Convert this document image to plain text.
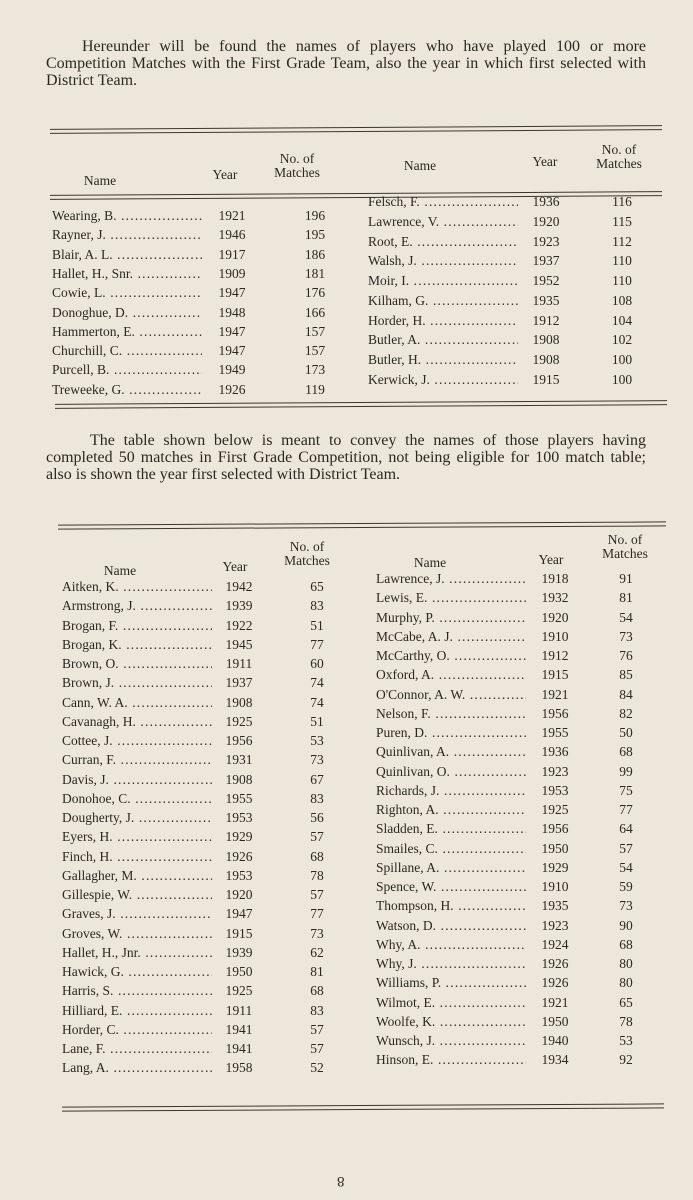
Hereunder will be found the names of players who have played 100 or more Competition Matches with the First Grade Team, also the year in which first selected with District Team.

Name	Year
No. of Matches	Name	Year
No. of Matches
Wearing, B. .....	1921	196
Rayner, J. .....	1946	195
Blair, A. L. .....	1917	186
Hallet, H., Snr. .....	1909	181
Cowie, L. .....	1947	176
Donoghue, D. .....	1948	166
Hammerton, E. .....	1947	157
Churchill, C. .....	1947	157
Purcell, B. .....	1949	173
Treweeke, G. .....	1926	119
Felsch, F. .....	1936	116
Lawrence, V. .....	1920	115
Root, E. .....	1923	112
Walsh, J. .....	1937	110
Moir, I. .....	1952	110
Kilham, G. .....	1935	108
Horder, H. .....	1912	104
Butler, A. .....	1908	102
Butler, H. .....	1908	100
Kerwick, J. .....	1915	100

The table shown below is meant to convey the names of those players having completed 50 matches in First Grade Competition, not being eligible for 100 match table; also is shown the year first selected with District Team.

Name	Year
No. of Matches	Name	Year
No. of Matches
Aitken, K. .....	1942	65
Armstrong, J. .....	1939	83
Brogan, F. .....	1922	51
Brogan, K. .....	1945	77
Brown, O. .....	1911	60
Brown, J. .....	1937	74
Cann, W. A. .....	1908	74
Cavanagh, H. .....	1925	51
Cottee, J. .....	1956	53
Curran, F. .....	1931	73
Davis, J. .....	1908	67
Donohoe, C. .....	1955	83
Dougherty, J. .....	1953	56
Eyers, H. .....	1929	57
Finch, H. .....	1926	68
Gallagher, M. .....	1953	78
Gillespie, W. .....	1920	57
Graves, J. .....	1947	77
Groves, W. .....	1915	73
Hallet, H., Jnr. .....	1939	62
Hawick, G. .....	1950	81
Harris, S. .....	1925	68
Hilliard, E. .....	1911	83
Horder, C. .....	1941	57
Lane, F. .....	1941	57
Lang, A. .....	1958	52
Lawrence, J. .....	1918	91
Lewis, E. .....	1932	81
Murphy, P. .....	1920	54
McCabe, A. J. .....	1910	73
McCarthy, O. .....	1912	76
Oxford, A. .....	1915	85
O'Connor, A. W. .....	1921	84
Nelson, F. .....	1956	82
Puren, D. .....	1955	50
Quinlivan, A. .....	1936	68
Quinlivan, O. .....	1923	99
Richards, J. .....	1953	75
Righton, A. .....	1925	77
Sladden, E. .....	1956	64
Smailes, C. .....	1950	57
Spillane, A. .....	1929	54
Spence, W. .....	1910	59
Thompson, H. .....	1935	73
Watson, D. .....	1923	90
Why, A. .....	1924	68
Why, J. .....	1926	80
Williams, P. .....	1926	80
Wilmot, E. .....	1921	65
Woolfe, K. .....	1950	78
Wunsch, J. .....	1940	53
Hinson, E. .....	1934	92
8
